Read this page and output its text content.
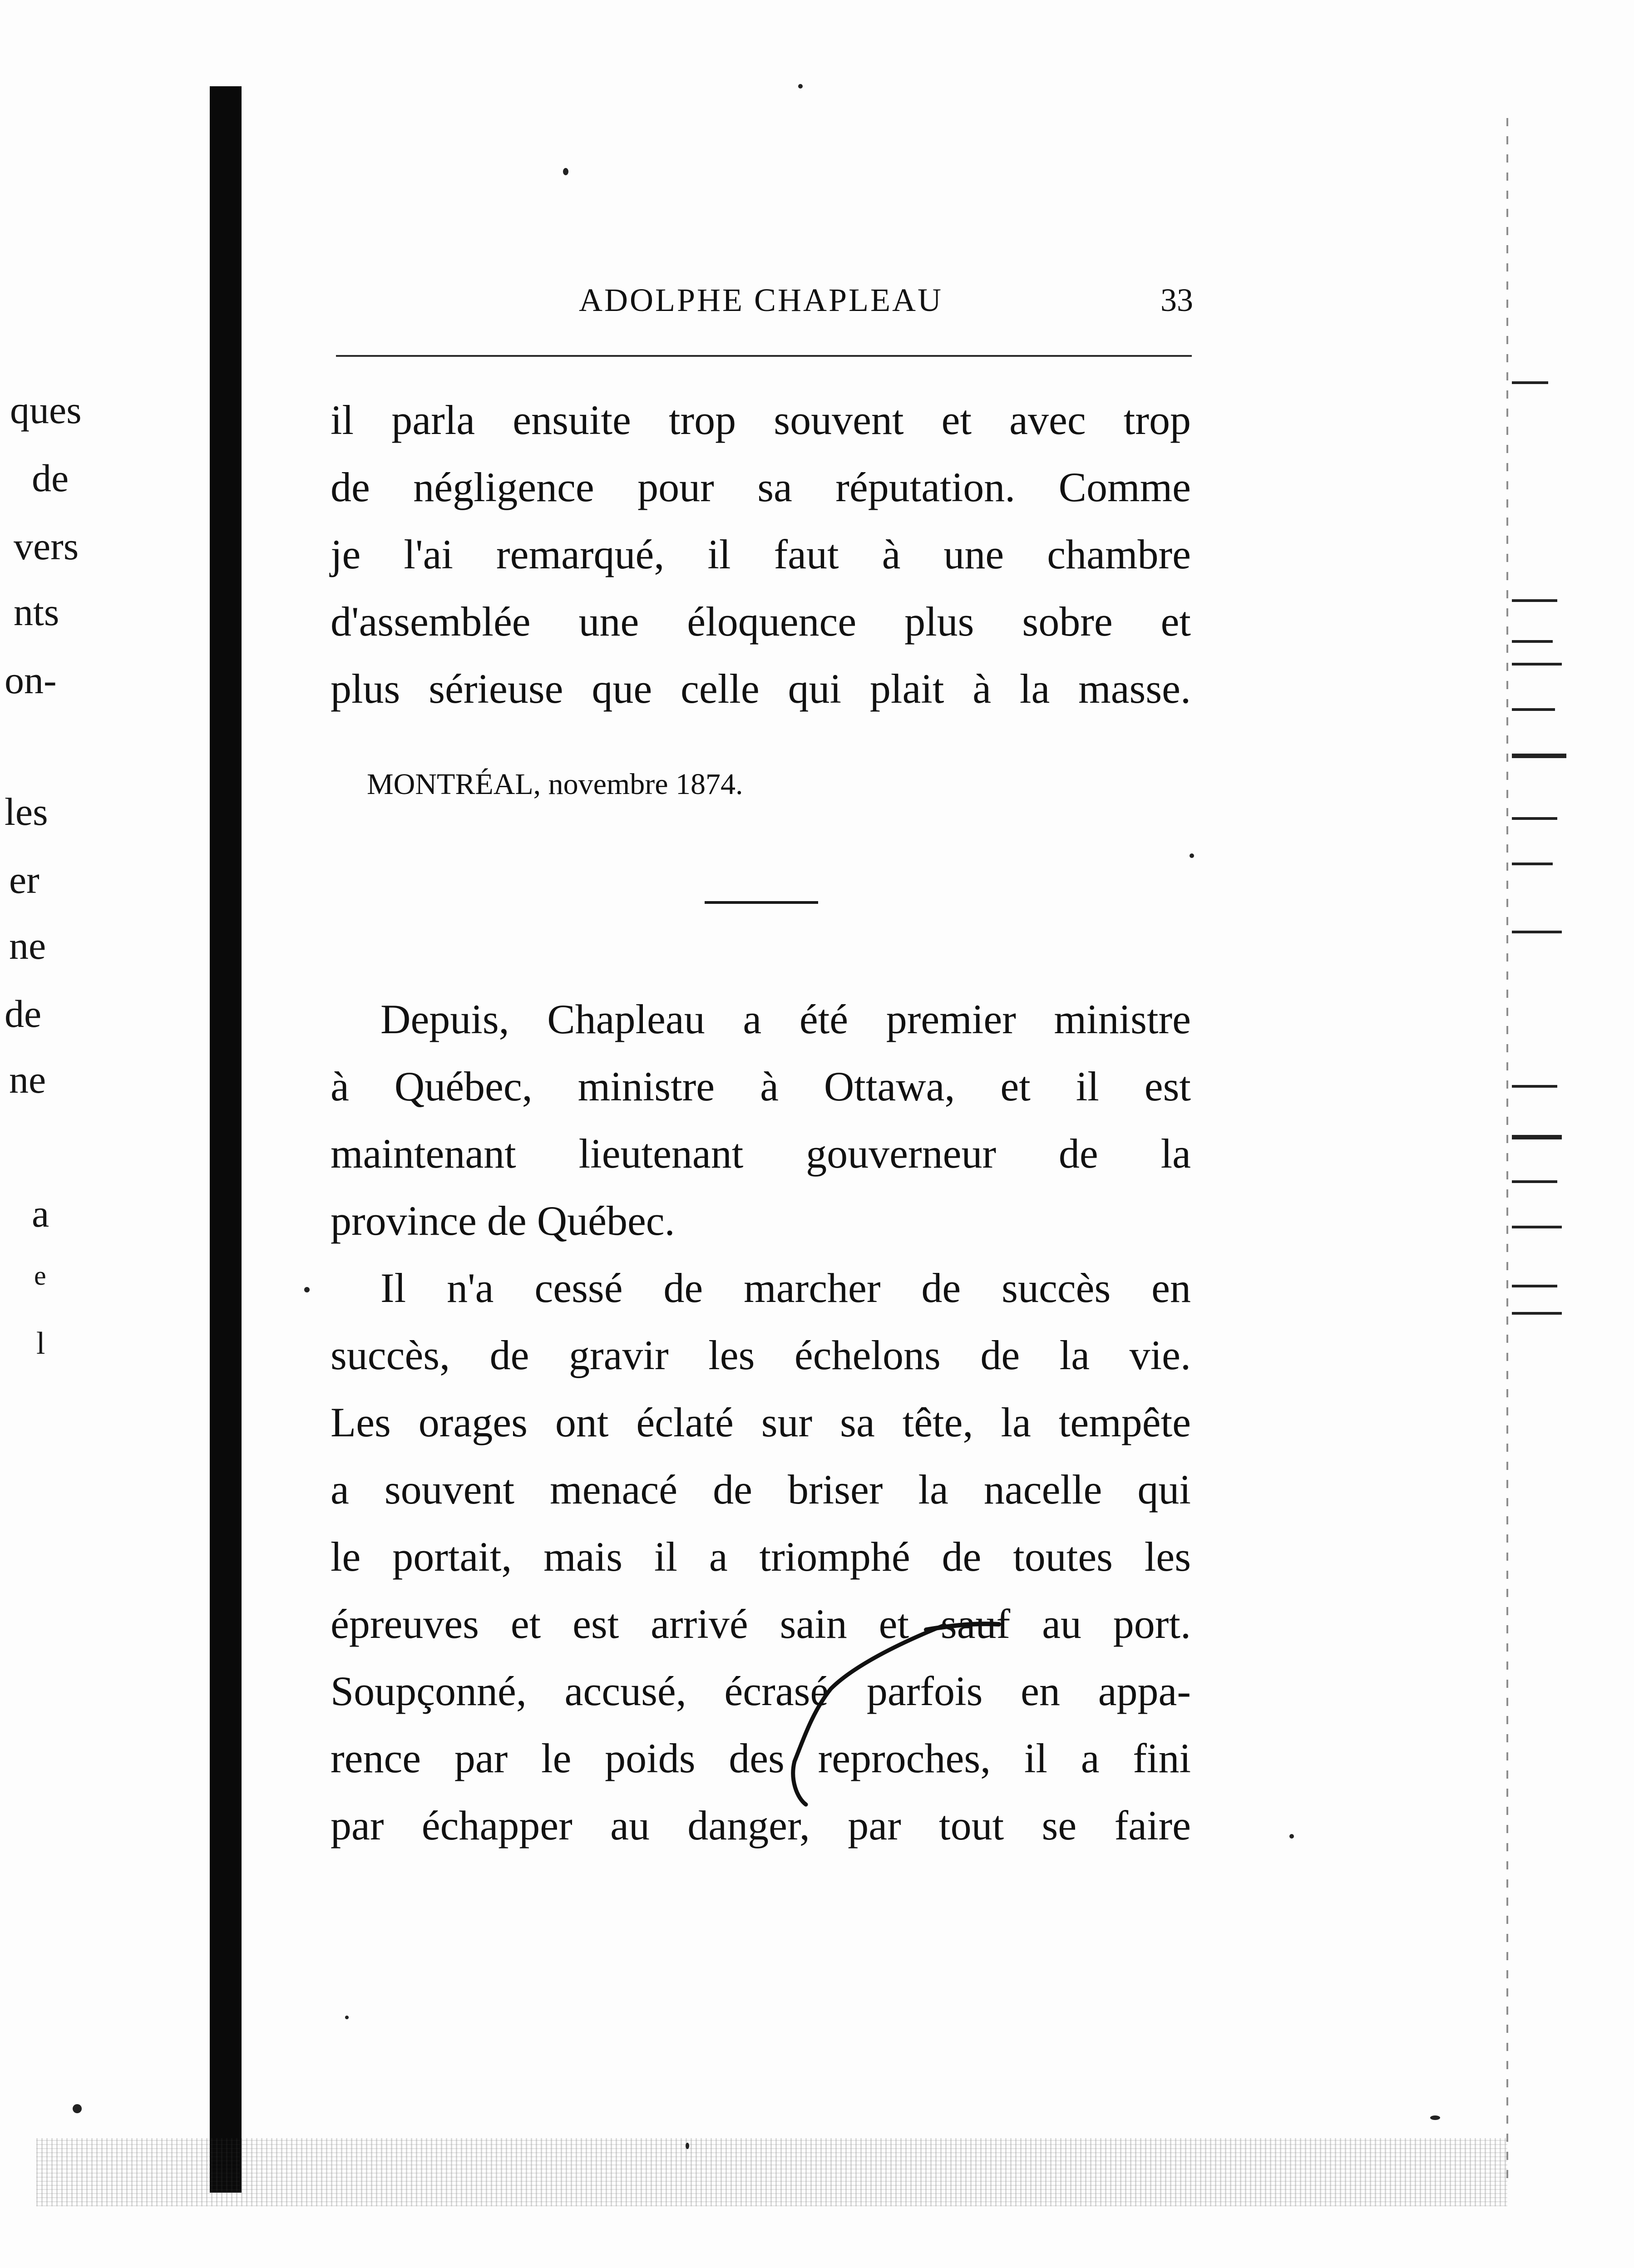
ques
de
vers
nts
on-
les
er
ne
de
ne
a
e
l
ADOLPHE CHAPLEAU	33
il parla ensuite trop souvent et avec trop
de négligence pour sa réputation. Comme
je l'ai remarqué, il faut à une chambre
d'assemblée une éloquence plus sobre et
plus sérieuse que celle qui plait à la masse.
MONTRÉAL, novembre 1874.
Depuis, Chapleau a été premier ministre
à Québec, ministre à Ottawa, et il est
maintenant lieutenant gouverneur de la
province de Québec.
Il n'a cessé de marcher de succès en
succès, de gravir les échelons de la vie.
Les orages ont éclaté sur sa tête, la tempête
a souvent menacé de briser la nacelle qui
le portait, mais il a triomphé de toutes les
épreuves et est arrivé sain et sauf au port.
Soupçonné, accusé, écrasé parfois en appa-
rence par le poids des reproches, il a fini
par échapper au danger, par tout se faire
